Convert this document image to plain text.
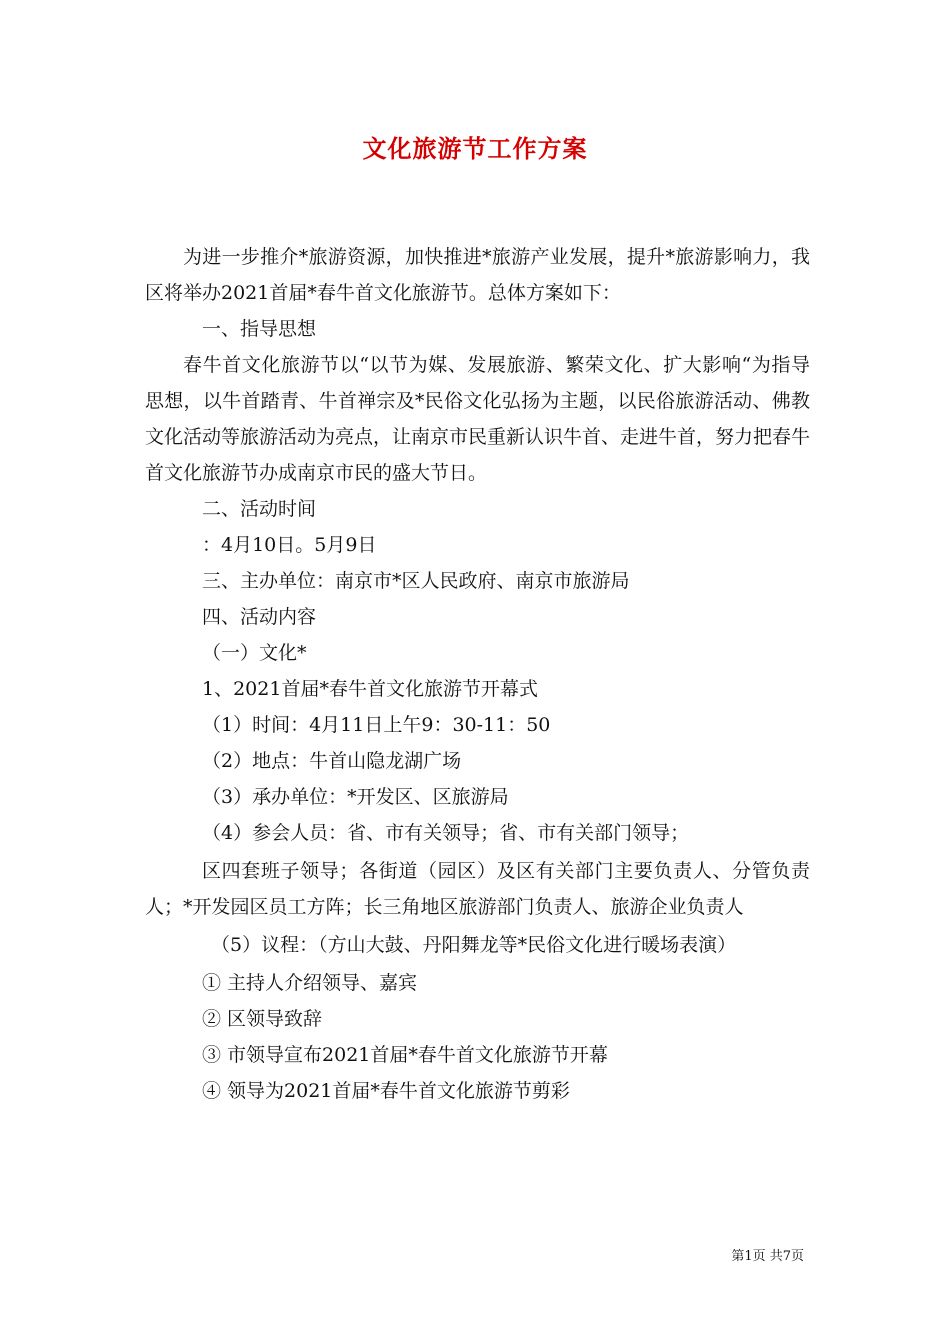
文化旅游节工作方案

为进一步推介*旅游资源，加快推进*旅游产业发展，提升*旅游影响力，我区将举办2021首届*春牛首文化旅游节。总体方案如下：

一、指导思想

春牛首文化旅游节以“以节为媒、发展旅游、繁荣文化、扩大影响“为指导思想，以牛首踏青、牛首禅宗及*民俗文化弘扬为主题，以民俗旅游活动、佛教文化活动等旅游活动为亮点，让南京市民重新认识牛首、走进牛首，努力把春牛首文化旅游节办成南京市民的盛大节日。

二、活动时间

：4月10日。5月9日

三、主办单位：南京市*区人民政府、南京市旅游局

四、活动内容

（一）文化*

1、2021首届*春牛首文化旅游节开幕式

（1）时间：4月11日上午9：30-11：50

（2）地点：牛首山隐龙湖广场

（3）承办单位：*开发区、区旅游局

（4）参会人员：省、市有关领导；省、市有关部门领导；

区四套班子领导；各街道（园区）及区有关部门主要负责人、分管负责人；*开发园区员工方阵；长三角地区旅游部门负责人、旅游企业负责人

（5）议程：（方山大鼓、丹阳舞龙等*民俗文化进行暖场表演）

① 主持人介绍领导、嘉宾

② 区领导致辞

③ 市领导宣布2021首届*春牛首文化旅游节开幕

④ 领导为2021首届*春牛首文化旅游节剪彩

第1页 共7页
